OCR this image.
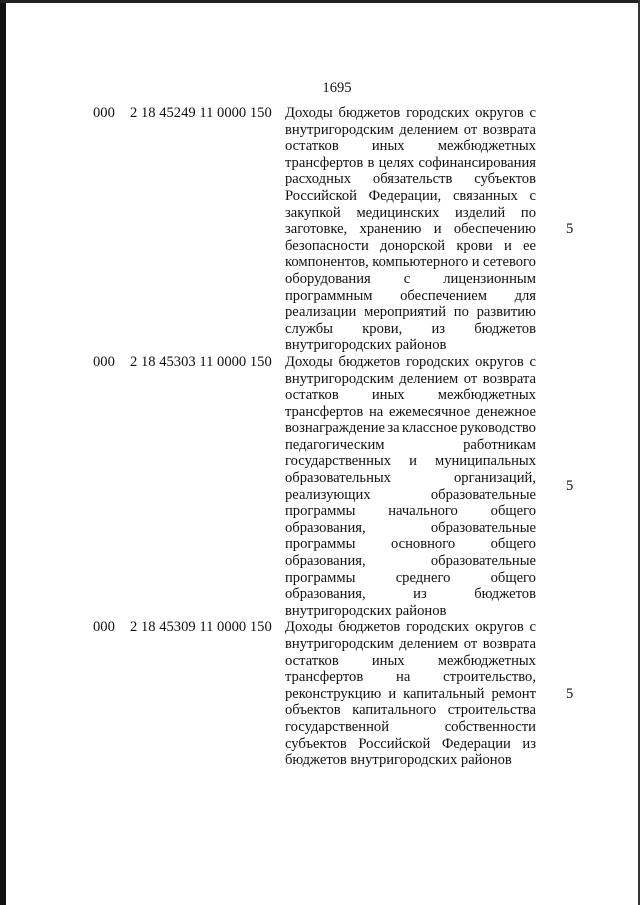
1695
000	2 18 45249 11 0000 150 Доходы бюджетов городских округов с
внутригородским делением от возврата
остатков иных межбюджетных
трансфертов в целях софинансирования
расходных обязательств субъектов
Российской Федерации, связанных с
закупкой медицинских изделий по
заготовке, хранению и обеспечению
безопасности донорской крови и ее
компонентов, компьютерного и сетевого
оборудования с лицензионным
программным обеспечением для
реализации мероприятий по развитию
службы крови, из бюджетов
внутригородских районов
5
000	2 18 45303 11 0000 150 Доходы бюджетов городских округов с
внутригородским делением от возврата
остатков иных межбюджетных
трансфертов на ежемесячное денежное
вознаграждение за классное руководство
педагогическим	работникам
государственных и муниципальных
образовательных	организаций,
реализующих	образовательные
программы начального общего
образования,	образовательные
программы основного общего
образования,	образовательные
программы	среднего	общего
образования,	из	бюджетов
внутригородских районов
5
000	2 18 45309 11 0000 150 Доходы бюджетов городских округов с
внутригородским делением от возврата
остатков иных межбюджетных
трансфертов на строительство,
реконструкцию и капитальный ремонт
объектов капитального строительства
государственной	собственности
субъектов Российской Федерации из
бюджетов внутригородских районов
5
